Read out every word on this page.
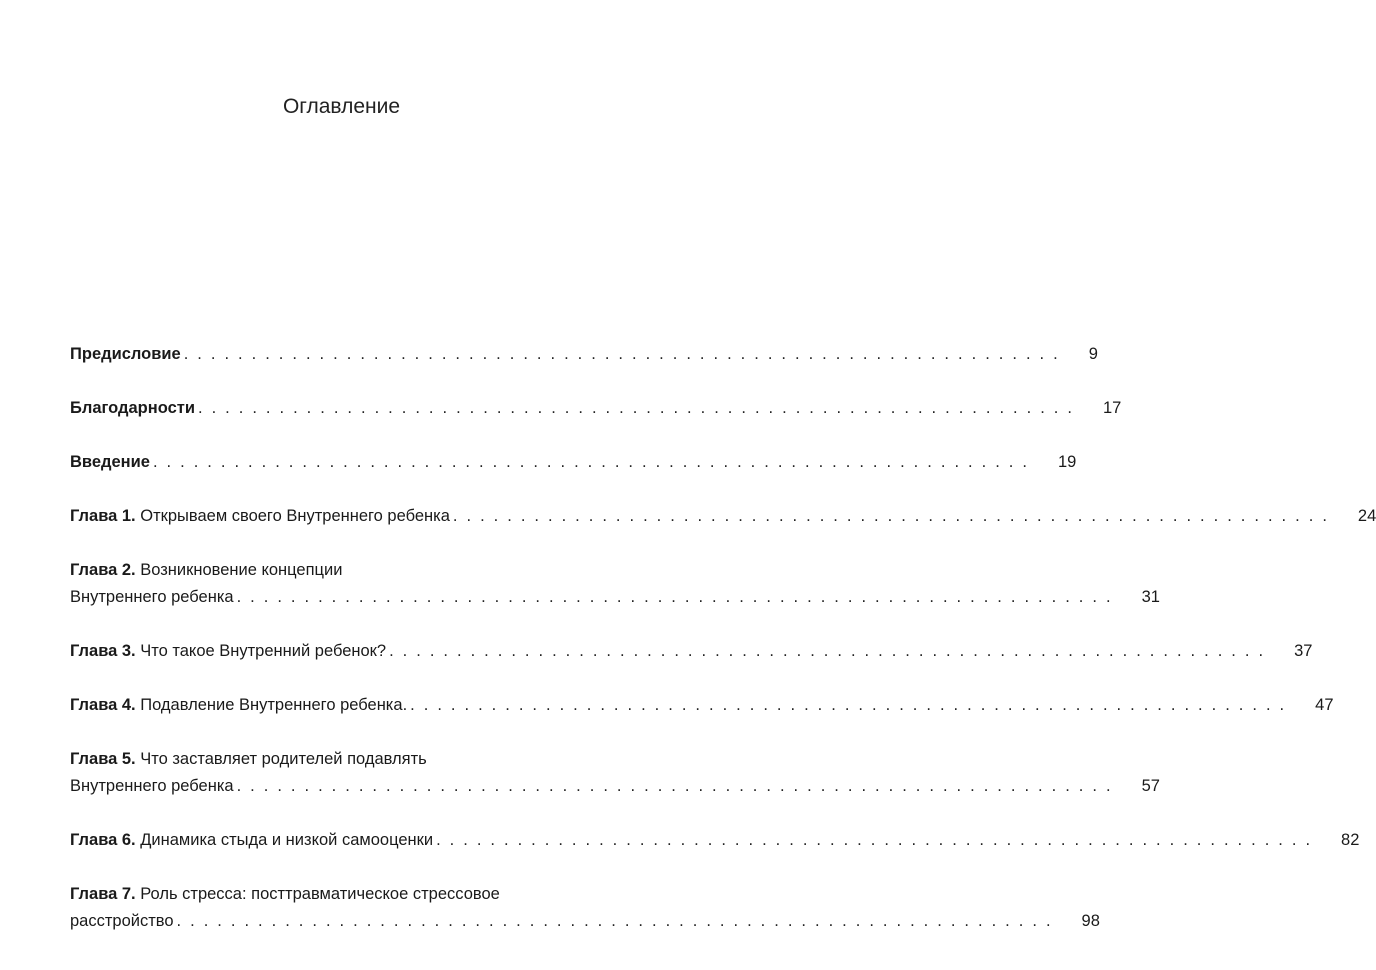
Оглавление
Предисловие ................................................................. 9
Благодарности ................................................................. 17
Введение ................................................................. 19
Глава 1. Открываем своего Внутреннего ребенка ................................................................. 24
Глава 2. Возникновение концепции
Внутреннего ребенка ................................................................. 31
Глава 3. Что такое Внутренний ребенок? ................................................................. 37
Глава 4. Подавление Внутреннего ребенка. ................................................................. 47
Глава 5. Что заставляет родителей подавлять
Внутреннего ребенка ................................................................. 57
Глава 6. Динамика стыда и низкой самооценки ................................................................. 82
Глава 7. Роль стресса: посттравматическое стрессовое
расстройство ................................................................. 98
